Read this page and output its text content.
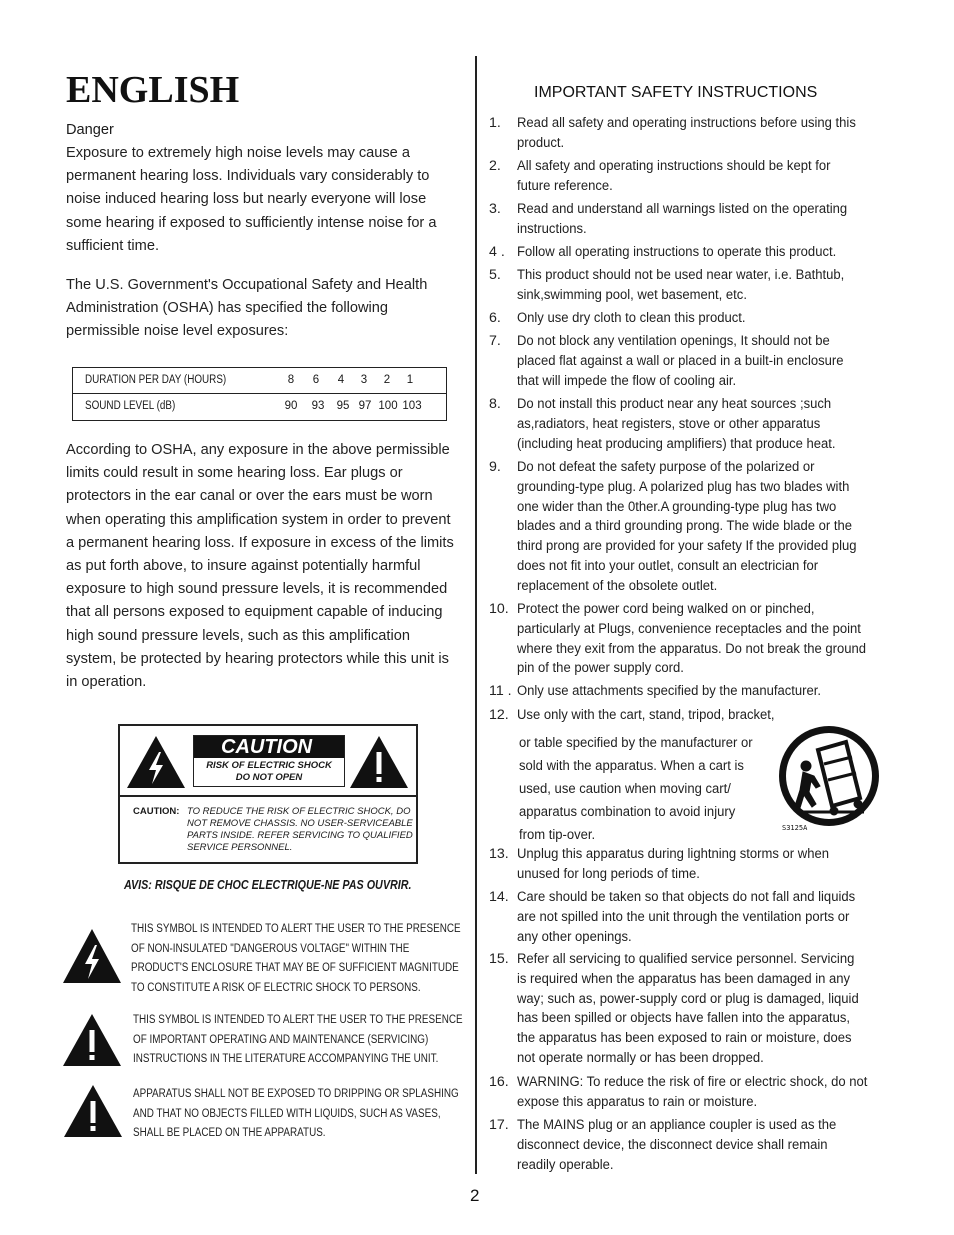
ENGLISH
Danger
Exposure to extremely high noise levels may cause a
permanent hearing loss. Individuals vary considerably to
noise induced hearing loss but nearly everyone will lose
some hearing if exposed to sufficiently intense noise for a
sufficient time.
The U.S. Government's Occupational Safety and Health
Administration (OSHA) has specified the following
permissible noise level exposures:
DURATION PER DAY (HOURS)	8	6	4	3	2	1
SOUND LEVEL (dB)	90	93	95 97 100 103
According to OSHA, any exposure in the above permissible
limits could result in some hearing loss. Ear plugs or
protectors in the ear canal or over the ears must be worn
when operating this amplification system in order to prevent
a permanent hearing loss. If exposure in excess of the limits
as put forth above, to insure against potentially harmful
exposure to high sound pressure levels, it is recommended
that all persons exposed to equipment capable of inducing
high sound pressure levels, such as this amplification
system, be protected by hearing protectors while this unit is
in operation.
CAUTION
RISK OF ELECTRIC SHOCK
DO NOT OPEN
CAUTION: TO REDUCE THE RISK OF ELECTRIC SHOCK, DO
NOT REMOVE CHASSIS. NO USER-SERVICEABLE
PARTS INSIDE. REFER SERVICING TO QUALIFIED
SERVICE PERSONNEL.
AVIS: RISQUE DE CHOC ELECTRIQUE-NE PAS OUVRIR.
THIS SYMBOL IS INTENDED TO ALERT THE USER TO THE PRESENCE
OF NON-INSULATED "DANGEROUS VOLTAGE" WITHIN THE
PRODUCT'S ENCLOSURE THAT MAY BE OF SUFFICIENT MAGNITUDE
TO CONSTITUTE A RISK OF ELECTRIC SHOCK TO PERSONS.
THIS SYMBOL IS INTENDED TO ALERT THE USER TO THE PRESENCE
OF IMPORTANT OPERATING AND MAINTENANCE (SERVICING)
INSTRUCTIONS IN THE LITERATURE ACCOMPANYING THE UNIT.
APPARATUS SHALL NOT BE EXPOSED TO DRIPPING OR SPLASHING
AND THAT NO OBJECTS FILLED WITH LIQUIDS, SUCH AS VASES,
SHALL BE PLACED ON THE APPARATUS.
IMPORTANT SAFETY INSTRUCTIONS
1.	Read all safety and operating instructions before using this
product.
2.	All safety and operating instructions should be kept for
future reference.
3.	Read and understand all warnings listed on the operating
instructions.
4 . Follow all operating instructions to operate this product.
5.	This product should not be used near water, i.e. Bathtub,
sink,swimming pool, wet basement, etc.
6.	Only use dry cloth to clean this product.
7.	Do not block any ventilation openings, It should not be
placed flat against a wall or placed in a built-in enclosure
that will impede the flow of cooling air.
8.	Do not install this product near any heat sources ;such
as,radiators, heat registers, stove or other apparatus
(including heat producing amplifiers) that produce heat.
9.	Do not defeat the safety purpose of the polarized or
grounding-type plug. A polarized plug has two blades with
one wider than the 0ther.A grounding-type plug has two
blades and a third grounding prong. The wide blade or the
third prong are provided for your safety If the provided plug
does not fit into your outlet, consult an electrician for
replacement of the obsolete outlet.
10. Protect the power cord being walked on or pinched,
particularly at Plugs, convenience receptacles and the point
where they exit from the apparatus. Do not break the ground
pin of the power supply cord.
11 . Only use attachments specified by the manufacturer.
12. Use only with the cart, stand, tripod, bracket,
or table specified by the manufacturer or
sold with the apparatus. When a cart is
used, use caution when moving cart/
apparatus combination to avoid injury
from tip-over.	S3125A
13. Unplug this apparatus during lightning storms or when
unused for long periods of time.
14. Care should be taken so that objects do not fall and liquids
are not spilled into the unit through the ventilation ports or
any other openings.
15. Refer all servicing to qualified service personnel. Servicing
is required when the apparatus has been damaged in any
way; such as, power-supply cord or plug is damaged, liquid
has been spilled or objects have fallen into the apparatus,
the apparatus has been exposed to rain or moisture, does
not operate normally or has been dropped.
16. WARNING: To reduce the risk of fire or electric shock, do not
expose this apparatus to rain or moisture.
17. The MAINS plug or an appliance coupler is used as the
disconnect device, the disconnect device shall remain
readily operable.
2
